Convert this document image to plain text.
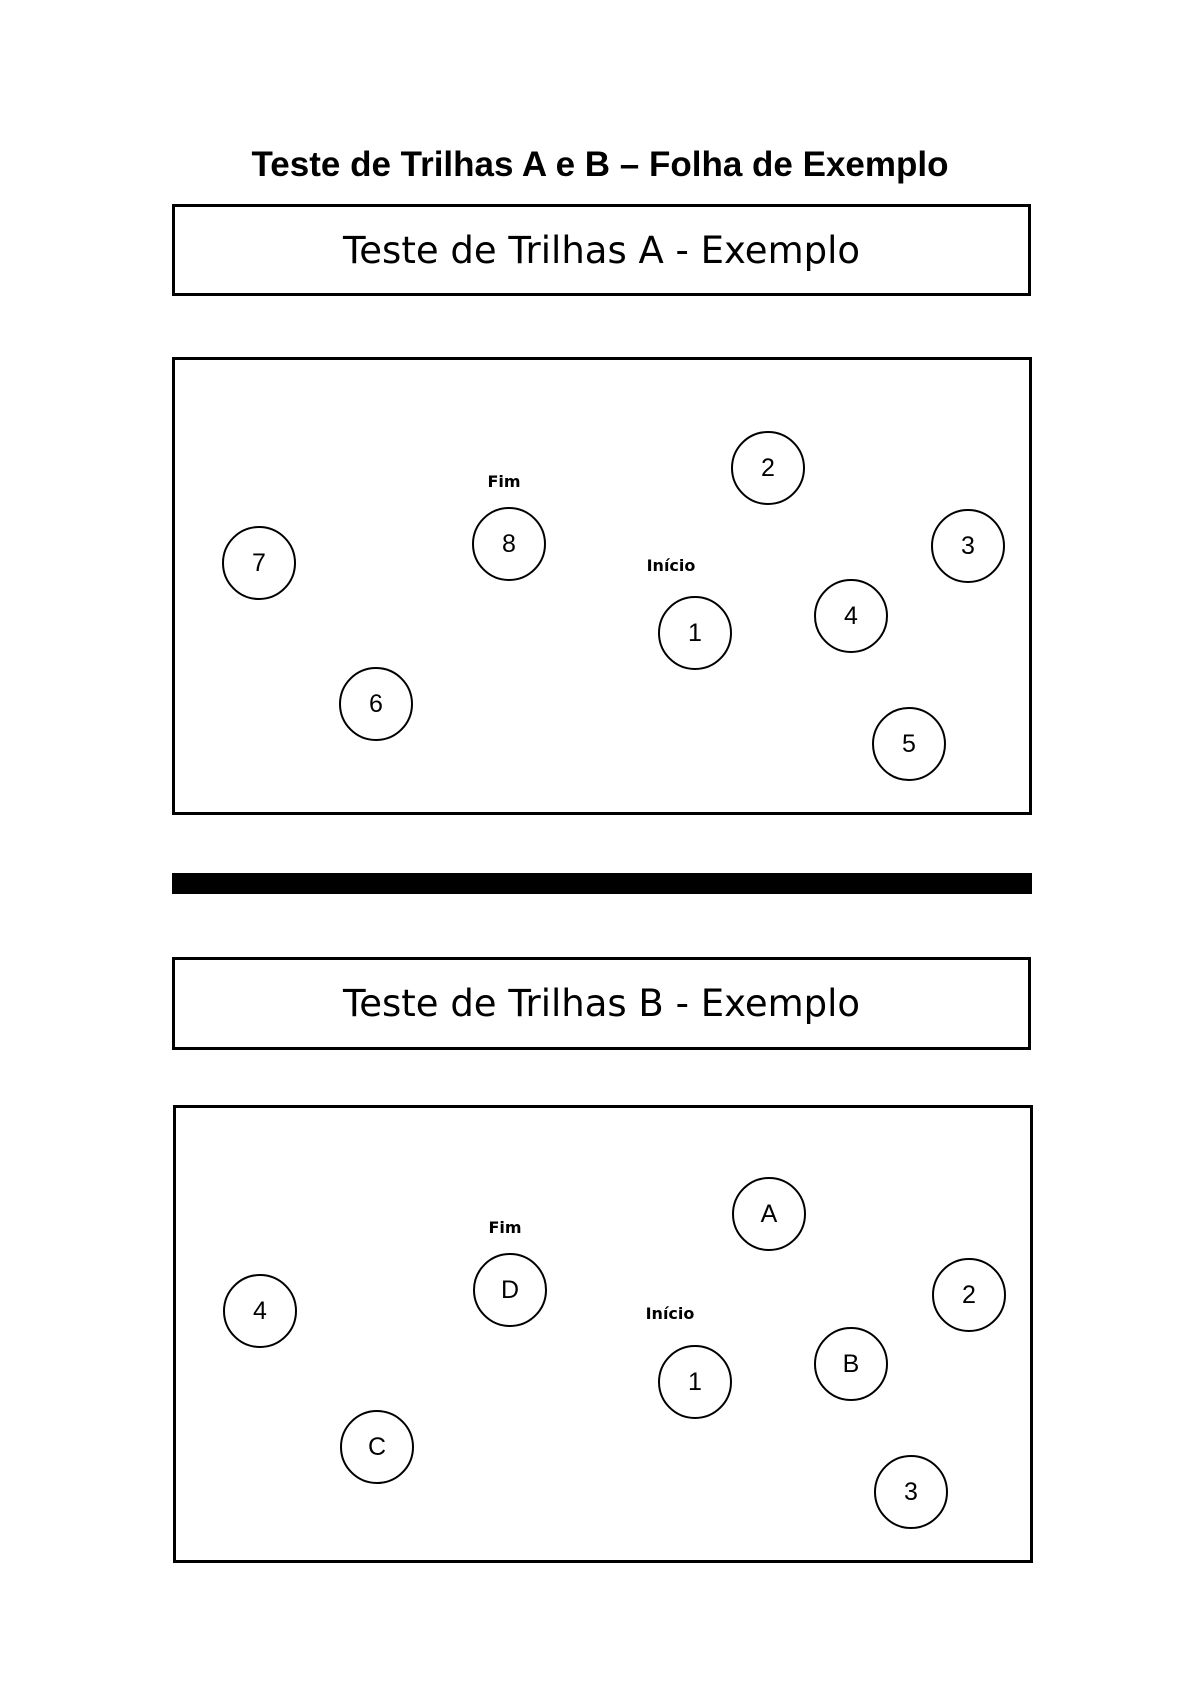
Teste de Trilhas A e B – Folha de Exemplo
Teste de Trilhas A - Exemplo
Fim
Início
1
2
3
4
5
6
7
8
Teste de Trilhas B - Exemplo
Fim
Início
1
A
2
B
3
C
4
D
